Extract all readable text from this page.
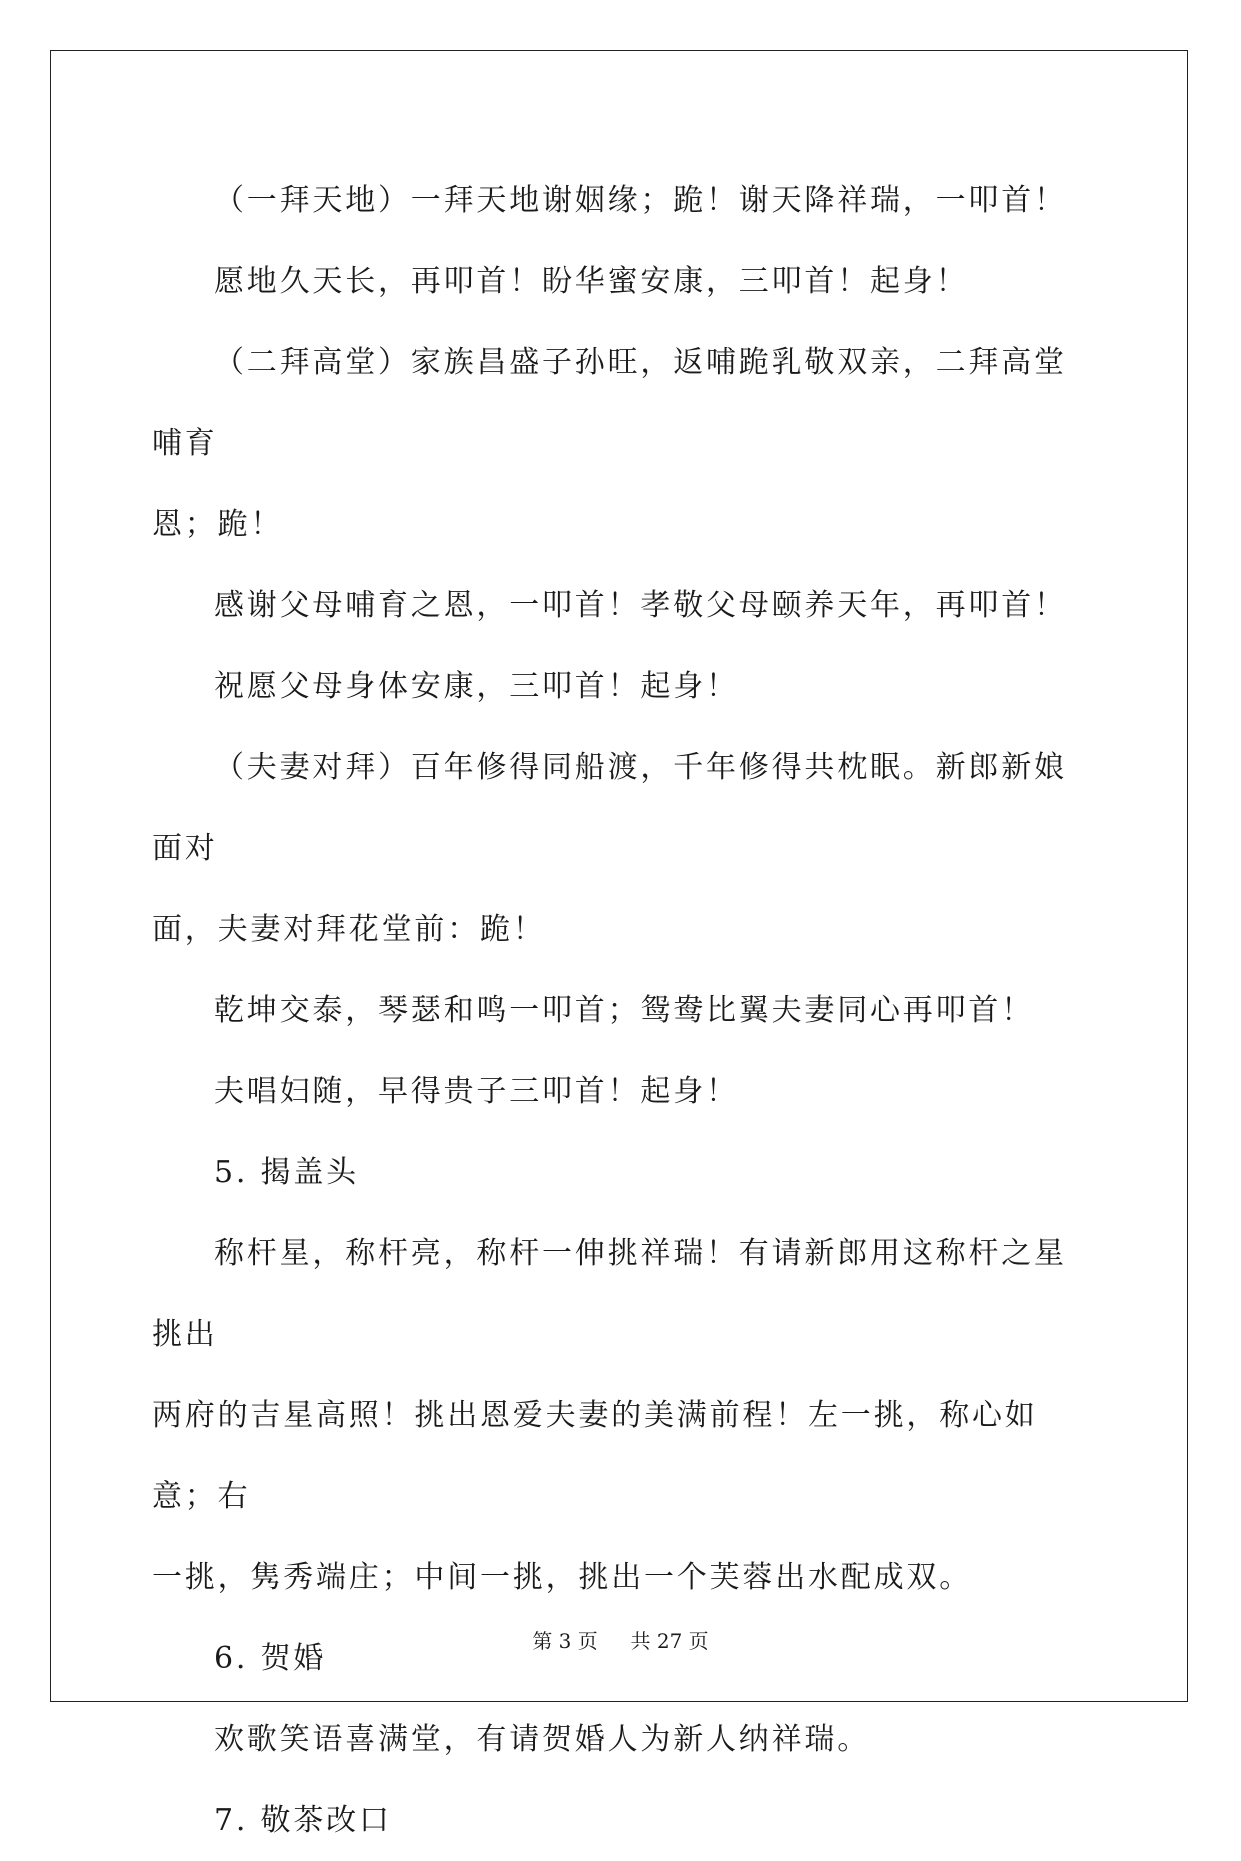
（一拜天地）一拜天地谢姻缘；跪！谢天降祥瑞，一叩首！

愿地久天长，再叩首！盼华蜜安康，三叩首！起身！

（二拜高堂）家族昌盛子孙旺，返哺跪乳敬双亲，二拜高堂哺育
恩；跪！

感谢父母哺育之恩，一叩首！孝敬父母颐养天年，再叩首！

祝愿父母身体安康，三叩首！起身！

（夫妻对拜）百年修得同船渡，千年修得共枕眠。新郎新娘面对
面，夫妻对拜花堂前：跪！

乾坤交泰，琴瑟和鸣一叩首；鸳鸯比翼夫妻同心再叩首！

夫唱妇随，早得贵子三叩首！起身！

5. 揭盖头

称杆星，称杆亮，称杆一伸挑祥瑞！有请新郎用这称杆之星挑出
两府的吉星高照！挑出恩爱夫妻的美满前程！左一挑，称心如意；右
一挑，隽秀端庄；中间一挑，挑出一个芙蓉出水配成双。

6. 贺婚

欢歌笑语喜满堂，有请贺婚人为新人纳祥瑞。

7. 敬茶改口

第 3 页 共 27 页
